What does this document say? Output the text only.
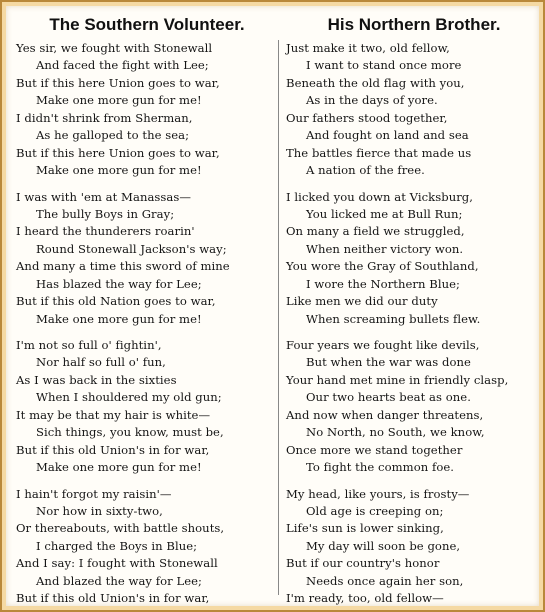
The Southern Volunteer.
Yes sir, we fought with Stonewall
And faced the fight with Lee;
But if this here Union goes to war,
Make one more gun for me!
I didn't shrink from Sherman,
As he galloped to the sea;
But if this here Union goes to war,
Make one more gun for me!
I was with 'em at Manassas—
The bully Boys in Gray;
I heard the thunderers roarin'
Round Stonewall Jackson's way;
And many a time this sword of mine
Has blazed the way for Lee;
But if this old Nation goes to war,
Make one more gun for me!
I'm not so full o' fightin',
Nor half so full o' fun,
As I was back in the sixties
When I shouldered my old gun;
It may be that my hair is white—
Sich things, you know, must be,
But if this old Union's in for war,
Make one more gun for me!
I hain't forgot my raisin'—
Nor how in sixty-two,
Or thereabouts, with battle shouts,
I charged the Boys in Blue;
And I say: I fought with Stonewall
And blazed the way for Lee;
But if this old Union's in for war,
His Northern Brother.
Just make it two, old fellow,
I want to stand once more
Beneath the old flag with you,
As in the days of yore.
Our fathers stood together,
And fought on land and sea
The battles fierce that made us
A nation of the free.
I licked you down at Vicksburg,
You licked me at Bull Run;
On many a field we struggled,
When neither victory won.
You wore the Gray of Southland,
I wore the Northern Blue;
Like men we did our duty
When screaming bullets flew.
Four years we fought like devils,
But when the war was done
Your hand met mine in friendly clasp,
Our two hearts beat as one.
And now when danger threatens,
No North, no South, we know,
Once more we stand together
To fight the common foe.
My head, like yours, is frosty—
Old age is creeping on;
Life's sun is lower sinking,
My day will soon be gone,
But if our country's honor
Needs once again her son,
I'm ready, too, old fellow—
